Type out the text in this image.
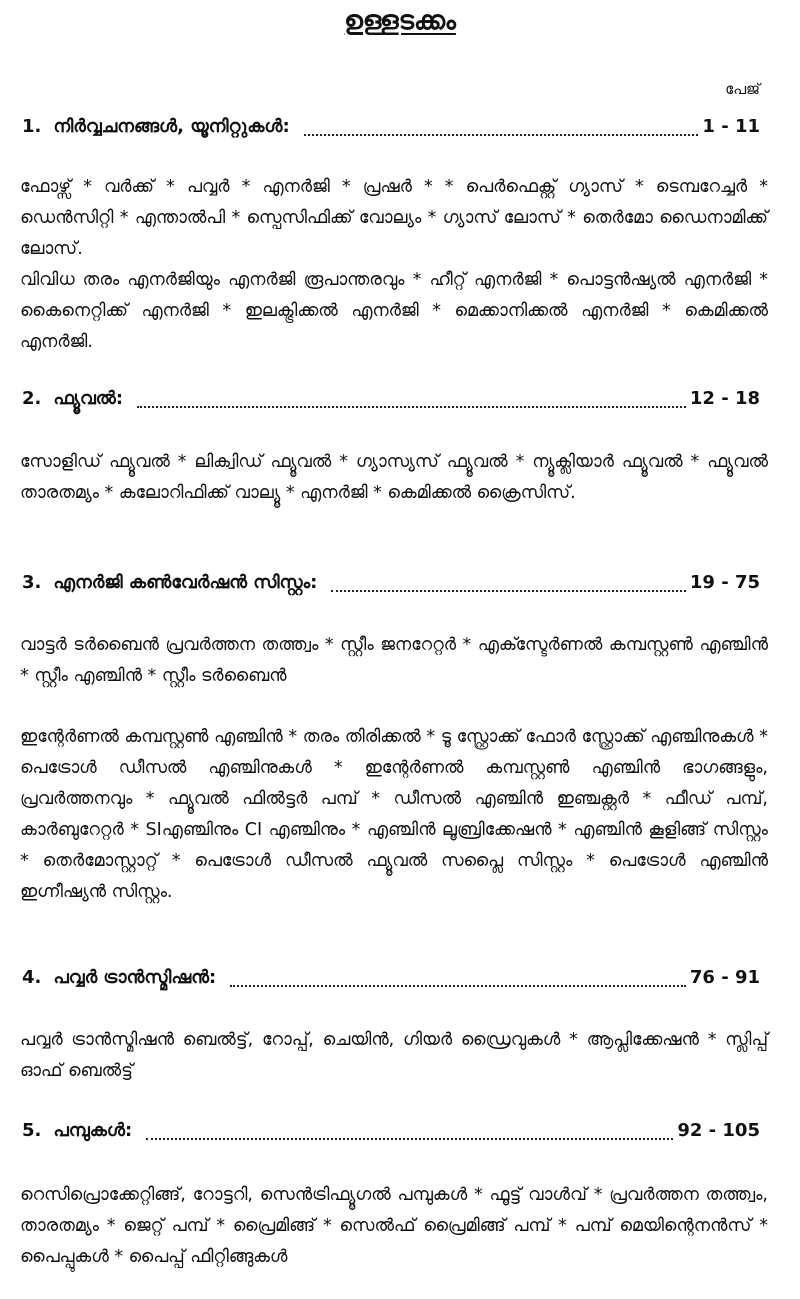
ഉള്ളടക്കം
പേജ്
1. നിർവ്വചനങ്ങൾ, യൂനിറ്റുകൾ:	1 - 11

ഫോഴ്സ് * വർക്ക് * പവ്വർ * എനർജി * പ്രഷർ * * പെർഫെക്റ്റ് ഗ്യാസ് * ടെമ്പറേച്ചർ * ഡെൻസിറ്റി * എന്താൽപി * സ്പെസിഫിക്ക് വോല്യം * ഗ്യാസ് ലോസ് * തെർമോ ഡൈനാമിക്ക് ലോസ്.

വിവിധ തരം എനർജിയും എനർജി രൂപാന്തരവും * ഹീറ്റ് എനർജി * പൊട്ടൻഷ്യൽ എനർജി * കൈനെറ്റിക്ക് എനർജി * ഇലക്ട്രിക്കൽ എനർജി * മെക്കാനിക്കൽ എനർജി * കെമിക്കൽ എനർജി.

2. ഫ്യൂവൽ:	12 - 18

സോളിഡ് ഫ്യൂവൽ * ലിക്വിഡ് ഫ്യൂവൽ * ഗ്യാസ്യസ് ഫ്യൂവൽ * ന്യൂക്ലിയാർ ഫ്യൂവൽ * ഫ്യൂവൽ താരതമ്യം * കലോറിഫിക്ക് വാല്യൂ * എനർജി * കെമിക്കൽ ക്രൈസിസ്.

3. എനർജി കൺവേർഷൻ സിസ്റ്റം:	19 - 75

വാട്ടർ ടർബൈൻ പ്രവർത്തന തത്ത്വം * സ്റ്റീം ജനറേറ്റർ * എക്സ്ടേർണൽ കമ്പസ്റ്റൺ എഞ്ചിൻ * സ്റ്റീം എഞ്ചിൻ * സ്റ്റീം ടർബൈൻ

ഇന്റേർണൽ കമ്പസ്റ്റൺ എഞ്ചിൻ * തരം തിരിക്കൽ * ടൂ സ്റ്റ്രോക്ക് ഫോർ സ്റ്റ്രോക്ക് എഞ്ചിനുകൾ * പെട്രോൾ ഡീസൽ എഞ്ചിനുകൾ * ഇന്റേർണൽ കമ്പസ്റ്റൺ എഞ്ചിൻ ഭാഗങ്ങളും, പ്രവർത്തനവും * ഫ്യൂവൽ ഫിൽട്ടർ പമ്പ് * ഡീസൽ എഞ്ചിൻ ഇഞ്ചക്റ്റർ * ഫീഡ് പമ്പ്, കാർബുറേറ്റർ * SIഎഞ്ചിനും CI എഞ്ചിനും * എഞ്ചിൻ ലൂബ്രിക്കേഷൻ * എഞ്ചിൻ കൂളിങ്ങ് സിസ്റ്റം * തെർമോസ്റ്റാറ്റ് * പെട്രോൾ ഡീസൽ ഫ്യൂവൽ സപ്ലൈ സിസ്റ്റം * പെട്രോൾ എഞ്ചിൻ ഇഗ്നീഷ്യൻ സിസ്റ്റം.

4. പവ്വർ ട്രാൻസ്മിഷൻ:	76 - 91

പവ്വർ ട്രാൻസ്മിഷൻ ബെൽട്ട്, റോപ്പ്, ചെയിൻ, ഗിയർ ഡ്രൈവുകൾ * ആപ്ലിക്കേഷൻ * സ്ലിപ്പ് ഓഫ് ബെൽട്ട്

5. പമ്പുകൾ:	92 - 105

റെസിപ്രൊക്കേറ്റിങ്ങ്, റോട്ടറി, സെൻട്രിഫ്യൂഗൽ പമ്പുകൾ * ഫൂട്ട് വാൾവ് * പ്രവർത്തന തത്ത്വം, താരതമ്യം * ജെറ്റ് പമ്പ് * പ്രൈമിങ്ങ് * സെൽഫ് പ്രൈമിങ്ങ് പമ്പ് * പമ്പ് മെയിന്റെനൻസ് * പൈപ്പുകൾ * പൈപ്പ് ഫിറ്റിങ്ങുകൾ
